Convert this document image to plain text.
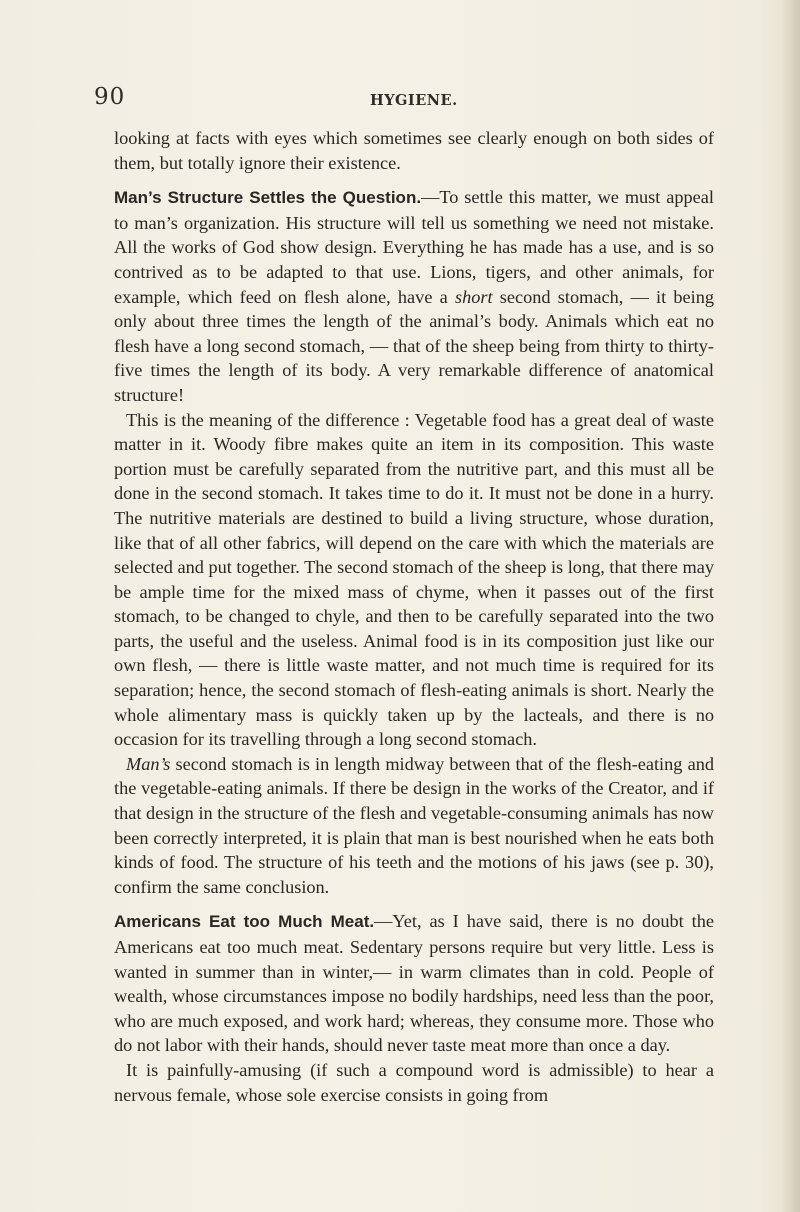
90	HYGIENE.

looking at facts with eyes which sometimes see clearly enough on both sides of them, but totally ignore their existence.

Man’s Structure Settles the Question.—To settle this matter, we must appeal to man’s organization. His structure will tell us something we need not mistake. All the works of God show design. Everything he has made has a use, and is so contrived as to be adapted to that use. Lions, tigers, and other animals, for example, which feed on flesh alone, have a short second stomach, — it being only about three times the length of the animal’s body. Animals which eat no flesh have a long second stomach, — that of the sheep being from thirty to thirty-five times the length of its body. A very remarkable difference of anatomical structure!

This is the meaning of the difference : Vegetable food has a great deal of waste matter in it. Woody fibre makes quite an item in its composition. This waste portion must be carefully separated from the nutritive part, and this must all be done in the second stomach. It takes time to do it. It must not be done in a hurry. The nutritive materials are destined to build a living structure, whose duration, like that of all other fabrics, will depend on the care with which the materials are selected and put together. The second stomach of the sheep is long, that there may be ample time for the mixed mass of chyme, when it passes out of the first stomach, to be changed to chyle, and then to be carefully separated into the two parts, the useful and the useless. Animal food is in its composition just like our own flesh, — there is little waste matter, and not much time is required for its separation; hence, the second stomach of flesh-eating animals is short. Nearly the whole alimentary mass is quickly taken up by the lacteals, and there is no occasion for its travelling through a long second stomach.

Man’s second stomach is in length midway between that of the flesh-eating and the vegetable-eating animals. If there be design in the works of the Creator, and if that design in the structure of the flesh and vegetable-consuming animals has now been correctly interpreted, it is plain that man is best nourished when he eats both kinds of food. The structure of his teeth and the motions of his jaws (see p. 30), confirm the same conclusion.

Americans Eat too Much Meat.—Yet, as I have said, there is no doubt the Americans eat too much meat. Sedentary persons require but very little. Less is wanted in summer than in winter,— in warm climates than in cold. People of wealth, whose circumstances impose no bodily hardships, need less than the poor, who are much exposed, and work hard; whereas, they consume more. Those who do not labor with their hands, should never taste meat more than once a day.

It is painfully-amusing (if such a compound word is admissible) to hear a nervous female, whose sole exercise consists in going from
